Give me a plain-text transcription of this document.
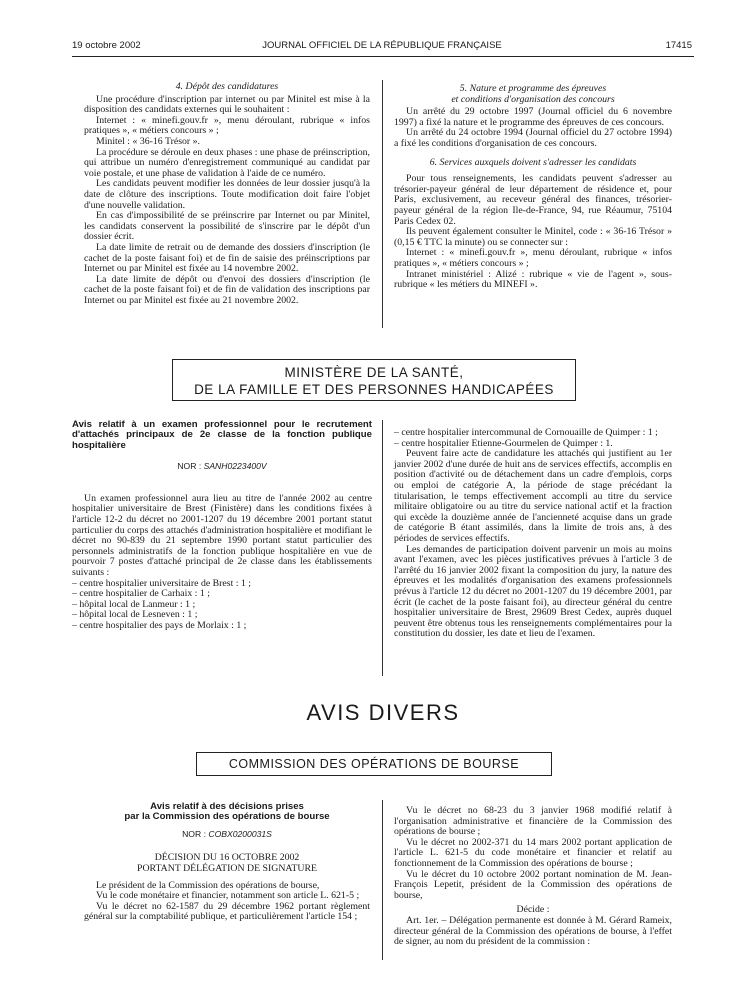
19 octobre 2002	JOURNAL OFFICIEL DE LA RÉPUBLIQUE FRANÇAISE	17415

4. Dépôt des candidatures

Une procédure d'inscription par internet ou par Minitel est mise à la disposition des candidats externes qui le souhaitent :

Internet : « minefi.gouv.fr », menu déroulant, rubrique « infos pratiques », « métiers concours » ;

Minitel : « 36-16 Trésor ».

La procédure se déroule en deux phases : une phase de préinscription, qui attribue un numéro d'enregistrement communiqué au candidat par voie postale, et une phase de validation à l'aide de ce numéro.

Les candidats peuvent modifier les données de leur dossier jusqu'à la date de clôture des inscriptions. Toute modification doit faire l'objet d'une nouvelle validation.

En cas d'impossibilité de se préinscrire par Internet ou par Minitel, les candidats conservent la possibilité de s'inscrire par le dépôt d'un dossier écrit.

La date limite de retrait ou de demande des dossiers d'inscription (le cachet de la poste faisant foi) et de fin de saisie des préinscriptions par Internet ou par Minitel est fixée au 14 novembre 2002.

La date limite de dépôt ou d'envoi des dossiers d'inscription (le cachet de la poste faisant foi) et de fin de validation des inscriptions par Internet ou par Minitel est fixée au 21 novembre 2002.

5. Nature et programme des épreuves

et conditions d'organisation des concours

Un arrêté du 29 octobre 1997 (Journal officiel du 6 novembre 1997) a fixé la nature et le programme des épreuves de ces concours.

Un arrêté du 24 octobre 1994 (Journal officiel du 27 octobre 1994) a fixé les conditions d'organisation de ces concours.

6. Services auxquels doivent s'adresser les candidats

Pour tous renseignements, les candidats peuvent s'adresser au trésorier-payeur général de leur département de résidence et, pour Paris, exclusivement, au receveur général des finances, trésorier-payeur général de la région Ile-de-France, 94, rue Réaumur, 75104 Paris Cedex 02.

Ils peuvent également consulter le Minitel, code : « 36-16 Trésor » (0,15 € TTC la minute) ou se connecter sur :

Internet : « minefi.gouv.fr », menu déroulant, rubrique « infos pratiques », « métiers concours » ;

Intranet ministériel : Alizé : rubrique « vie de l'agent », sous-rubrique « les métiers du MINEFI ».

MINISTÈRE DE LA SANTÉ,
DE LA FAMILLE ET DES PERSONNES HANDICAPÉES

Avis relatif à un examen professionnel pour le recrutement d'attachés principaux de 2e classe de la fonction publique hospitalière

NOR : SANH0223400V

Un examen professionnel aura lieu au titre de l'année 2002 au centre hospitalier universitaire de Brest (Finistère) dans les conditions fixées à l'article 12-2 du décret no 2001-1207 du 19 décembre 2001 portant statut particulier du corps des attachés d'administration hospitalière et modifiant le décret no 90-839 du 21 septembre 1990 portant statut particulier des personnels administratifs de la fonction publique hospitalière en vue de pourvoir 7 postes d'attaché principal de 2e classe dans les établissements suivants :

– centre hospitalier universitaire de Brest : 1 ;

– centre hospitalier de Carhaix : 1 ;

– hôpital local de Lanmeur : 1 ;

– hôpital local de Lesneven : 1 ;

– centre hospitalier des pays de Morlaix : 1 ;

– centre hospitalier intercommunal de Cornouaille de Quimper : 1 ;

– centre hospitalier Etienne-Gourmelen de Quimper : 1.

Peuvent faire acte de candidature les attachés qui justifient au 1er janvier 2002 d'une durée de huit ans de services effectifs, accomplis en position d'activité ou de détachement dans un cadre d'emplois, corps ou emploi de catégorie A, la période de stage précédant la titularisation, le temps effectivement accompli au titre du service militaire obligatoire ou au titre du service national actif et la fraction qui excède la douzième année de l'ancienneté acquise dans un grade de catégorie B étant assimilés, dans la limite de trois ans, à des périodes de services effectifs.

Les demandes de participation doivent parvenir un mois au moins avant l'examen, avec les pièces justificatives prévues à l'article 3 de l'arrêté du 16 janvier 2002 fixant la composition du jury, la nature des épreuves et les modalités d'organisation des examens professionnels prévus à l'article 12 du décret no 2001-1207 du 19 décembre 2001, par écrit (le cachet de la poste faisant foi), au directeur général du centre hospitalier universitaire de Brest, 29609 Brest Cedex, auprès duquel peuvent être obtenus tous les renseignements complémentaires pour la constitution du dossier, les date et lieu de l'examen.

AVIS DIVERS
COMMISSION DES OPÉRATIONS DE BOURSE

Avis relatif à des décisions prises

par la Commission des opérations de bourse

NOR : COBX0200031S

DÉCISION DU 16 OCTOBRE 2002

PORTANT DÉLÉGATION DE SIGNATURE

Le président de la Commission des opérations de bourse,

Vu le code monétaire et financier, notamment son article L. 621-5 ;

Vu le décret no 62-1587 du 29 décembre 1962 portant règlement général sur la comptabilité publique, et particulièrement l'article 154 ;

Vu le décret no 68-23 du 3 janvier 1968 modifié relatif à l'organisation administrative et financière de la Commission des opérations de bourse ;

Vu le décret no 2002-371 du 14 mars 2002 portant application de l'article L. 621-5 du code monétaire et financier et relatif au fonctionnement de la Commission des opérations de bourse ;

Vu le décret du 10 octobre 2002 portant nomination de M. Jean-François Lepetit, président de la Commission des opérations de bourse,

Décide :

Art. 1er. – Délégation permanente est donnée à M. Gérard Rameix, directeur général de la Commission des opérations de bourse, à l'effet de signer, au nom du président de la commission :
